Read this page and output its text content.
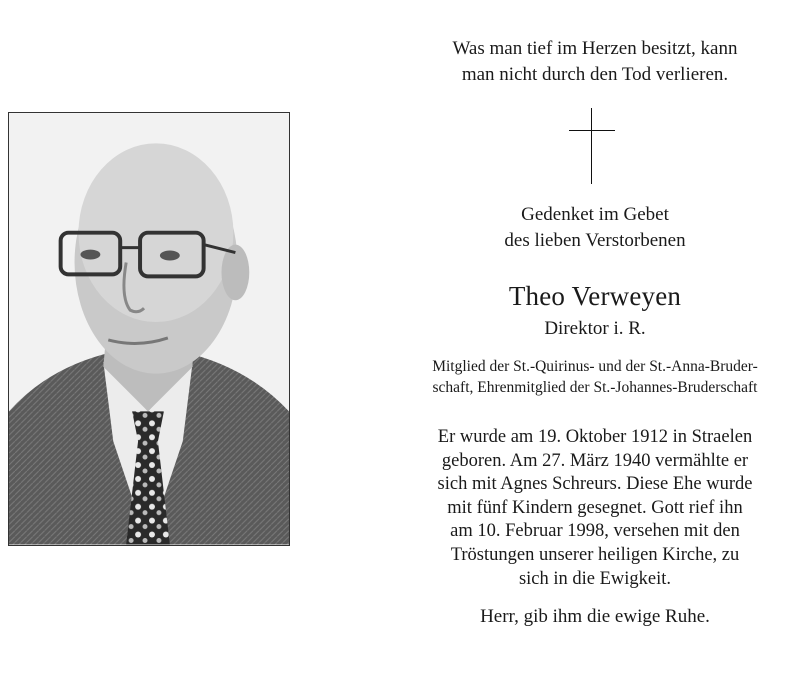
Was man tief im Herzen besitzt, kann
man nicht durch den Tod verlieren.
Gedenket im Gebet
des lieben Verstorbenen
Theo Verweyen
Direktor i. R.
Mitglied der St.-Quirinus- und der St.-Anna-Bruder-
schaft, Ehrenmitglied der St.-Johannes-Bruderschaft
Er wurde am 19. Oktober 1912 in Straelen
geboren. Am 27. März 1940 vermählte er
sich mit Agnes Schreurs. Diese Ehe wurde
mit fünf Kindern gesegnet. Gott rief ihn
am 10. Februar 1998, versehen mit den
Tröstungen unserer heiligen Kirche, zu
sich in die Ewigkeit.
Herr, gib ihm die ewige Ruhe.
